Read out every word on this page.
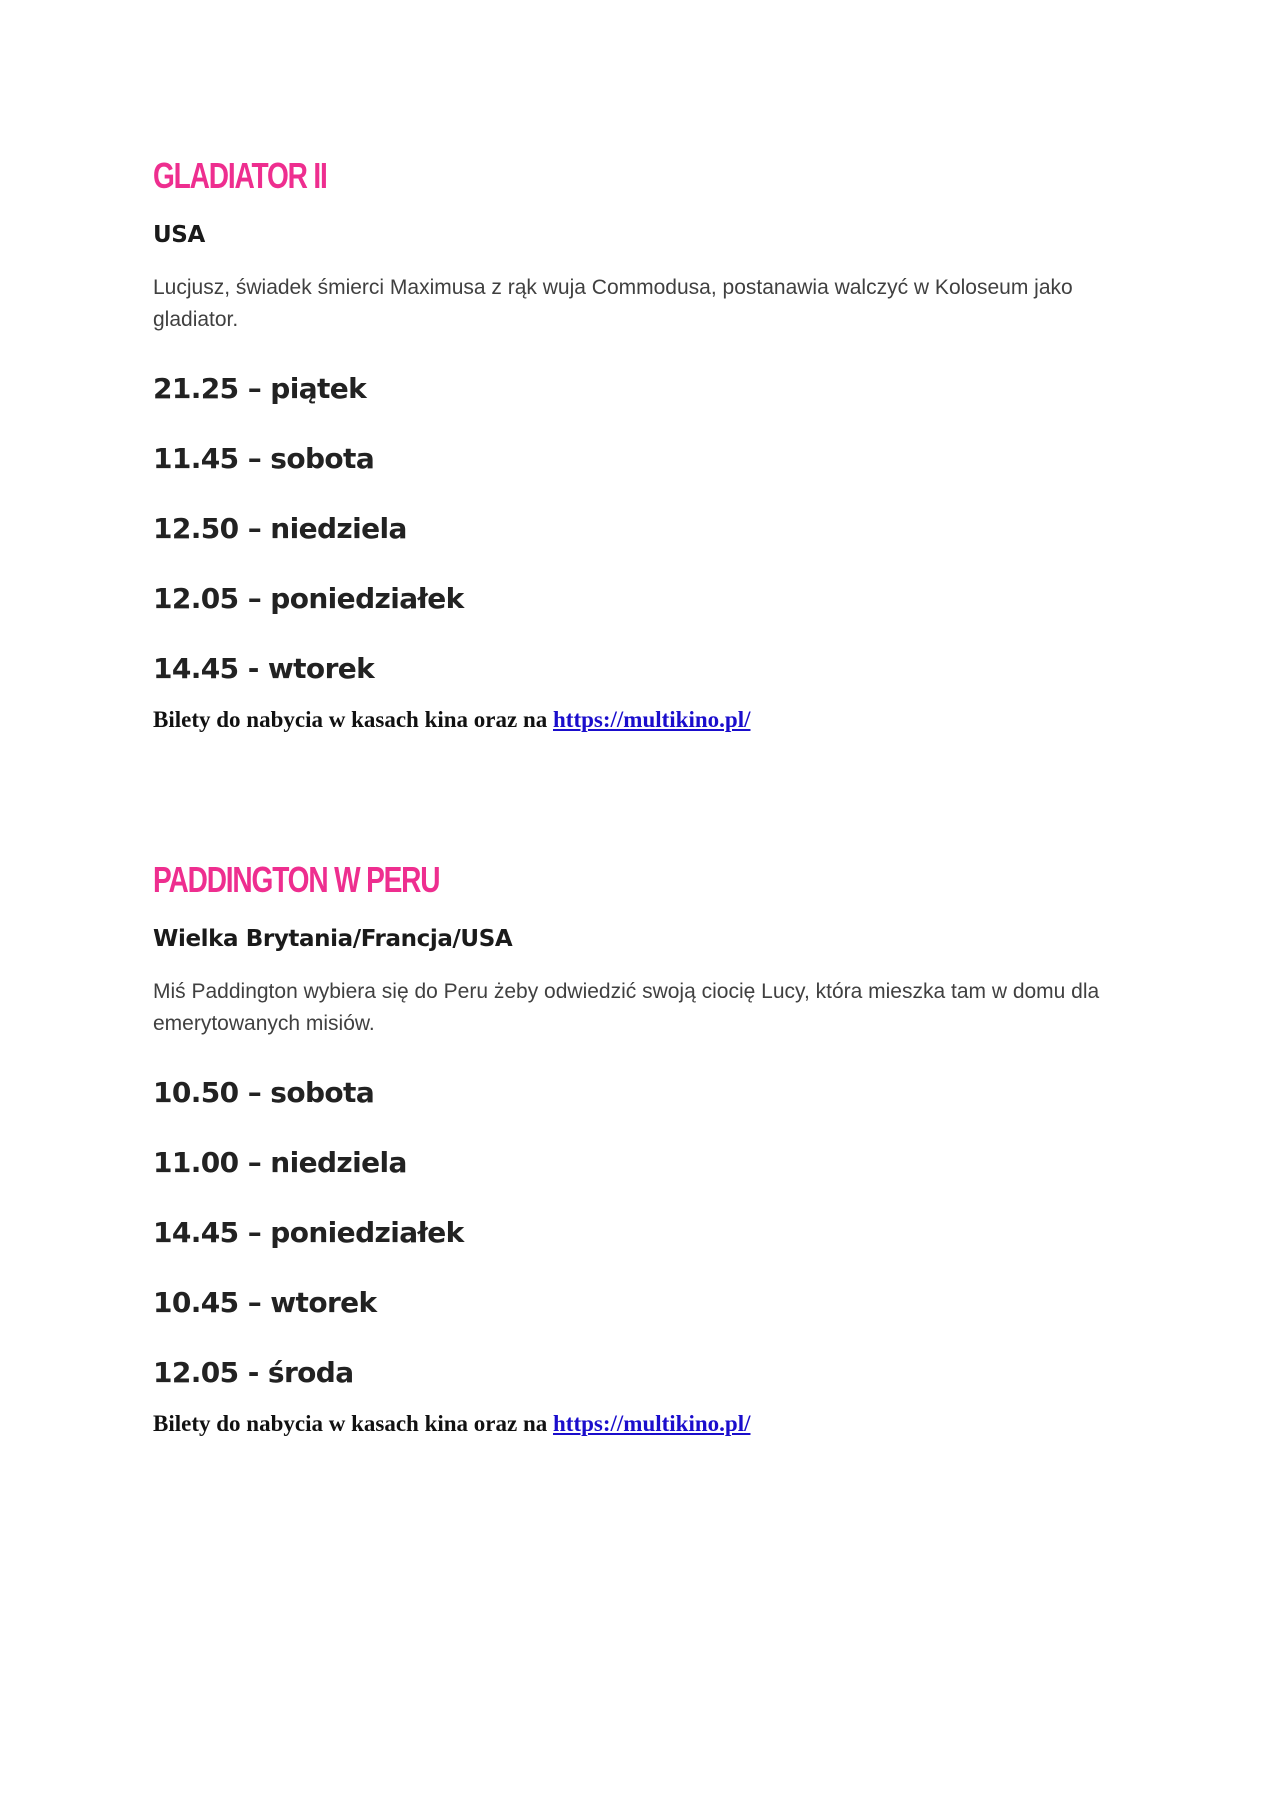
GLADIATOR II
USA

Lucjusz, świadek śmierci Maximusa z rąk wuja Commodusa, postanawia walczyć w Koloseum jako gladiator.

21.25 – piątek
11.45 – sobota
12.50 – niedziela
12.05 – poniedziałek
14.45 - wtorek

Bilety do nabycia w kasach kina oraz na https://multikino.pl/

PADDINGTON W PERU
Wielka Brytania/Francja/USA

Miś Paddington wybiera się do Peru żeby odwiedzić swoją ciocię Lucy, która mieszka tam w domu dla emerytowanych misiów.

10.50 – sobota
11.00 – niedziela
14.45 – poniedziałek
10.45 – wtorek
12.05 - środa

Bilety do nabycia w kasach kina oraz na https://multikino.pl/
